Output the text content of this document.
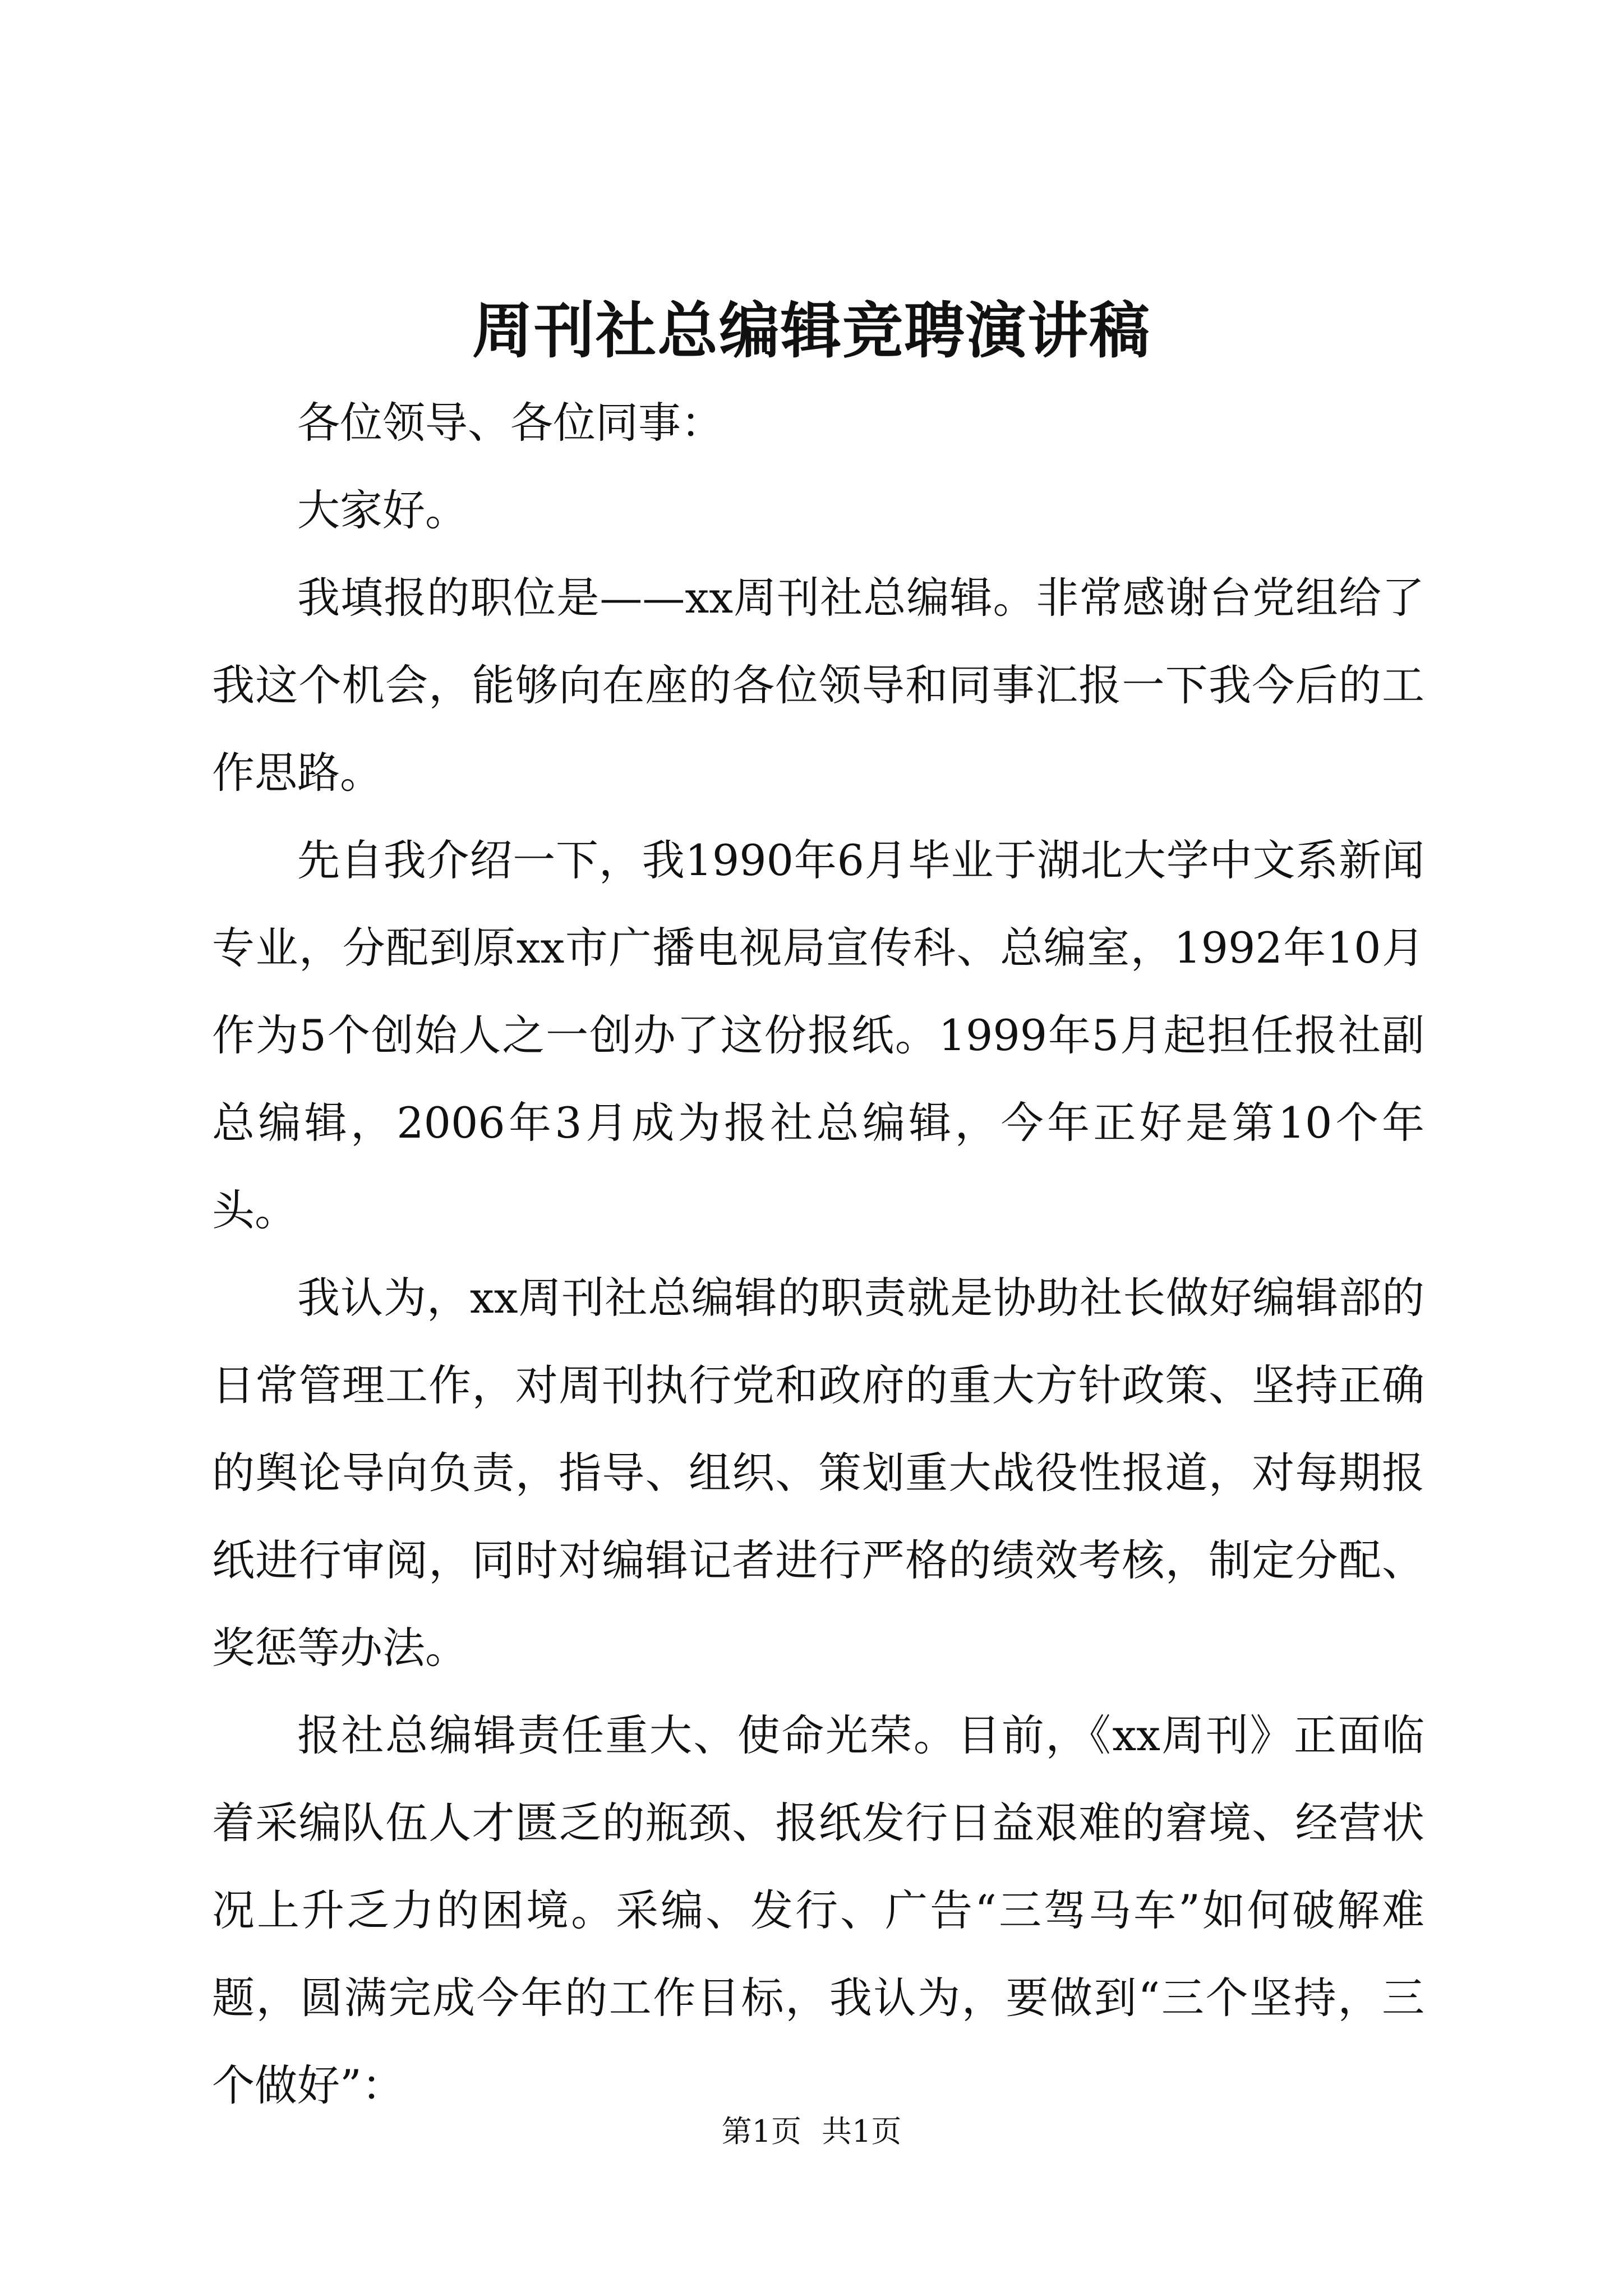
周刊社总编辑竞聘演讲稿

各位领导、各位同事：

大家好。

我填报的职位是——xx周刊社总编辑。非常感谢台党组给了我这个机会，能够向在座的各位领导和同事汇报一下我今后的工作思路。

先自我介绍一下，我1990年6月毕业于湖北大学中文系新闻专业，分配到原xx市广播电视局宣传科、总编室，1992年10月作为5个创始人之一创办了这份报纸。1999年5月起担任报社副总编辑，2006年3月成为报社总编辑，今年正好是第10个年头。

我认为，xx周刊社总编辑的职责就是协助社长做好编辑部的日常管理工作，对周刊执行党和政府的重大方针政策、坚持正确的舆论导向负责，指导、组织、策划重大战役性报道，对每期报纸进行审阅，同时对编辑记者进行严格的绩效考核，制定分配、奖惩等办法。

报社总编辑责任重大、使命光荣。目前，《xx周刊》正面临着采编队伍人才匮乏的瓶颈、报纸发行日益艰难的窘境、经营状况上升乏力的困境。采编、发行、广告“三驾马车”如何破解难题，圆满完成今年的工作目标，我认为，要做到“三个坚持，三个做好”：

第1页 共1页
